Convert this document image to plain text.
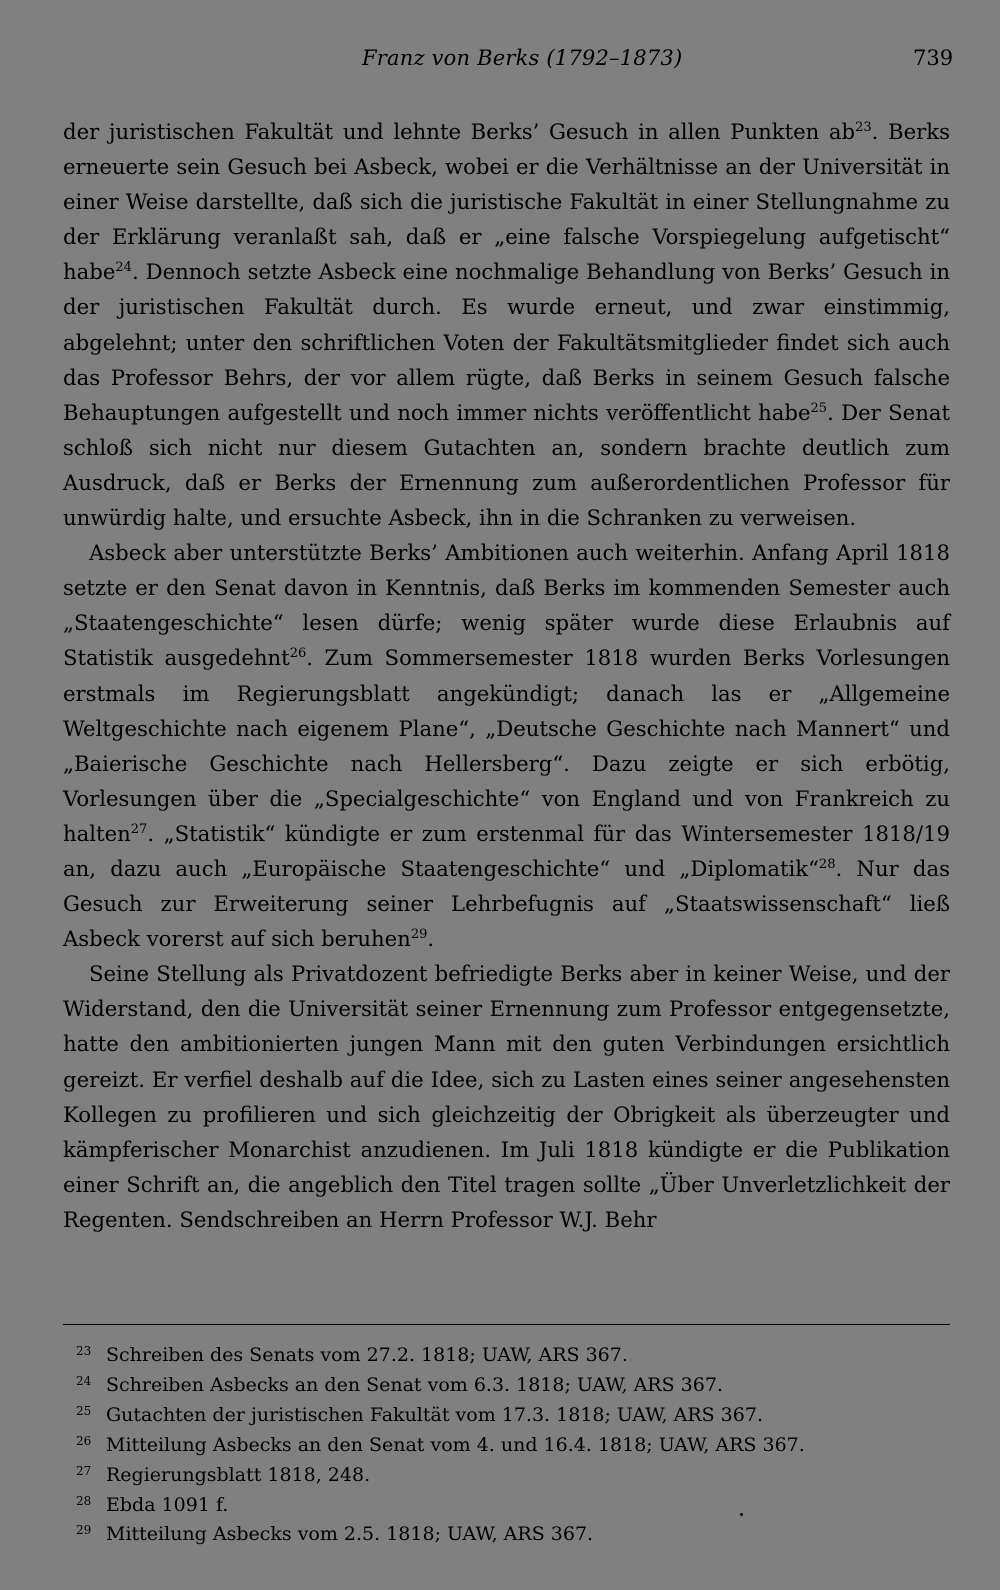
Franz von Berks (1792–1873)	739

der juristischen Fakultät und lehnte Berks’ Gesuch in allen Punkten $ab^{23}$. Berks erneuerte sein Gesuch bei Asbeck, wobei er die Verhältnisse an der Universität in einer Weise darstellte, daß sich die juristische Fakultät in einer Stellungnahme zu der Erklärung veranlaßt sah, daß er „eine falsche Vorspiegelung aufgetischt“ habe$^{24}$. Dennoch setzte Asbeck eine nochmalige Behandlung von Berks’ Gesuch in der juristischen Fakultät durch. Es wurde erneut, und zwar einstimmig, abgelehnt; unter den schriftlichen Voten der Fakultätsmitglieder findet sich auch das Professor Behrs, der vor allem rügte, daß Berks in seinem Gesuch falsche Behauptungen aufgestellt und noch immer nichts veröffentlicht habe$^{25}$. Der Senat schloß sich nicht nur diesem Gutachten an, sondern brachte deutlich zum Ausdruck, daß er Berks der Ernennung zum außerordentlichen Professor für unwürdig halte, und ersuchte Asbeck, ihn in die Schranken zu verweisen.

Asbeck aber unterstützte Berks’ Ambitionen auch weiterhin. Anfang April 1818 setzte er den Senat davon in Kenntnis, daß Berks im kommenden Semester auch „Staatengeschichte“ lesen dürfe; wenig später wurde diese Erlaubnis auf Statistik ausgedehnt$^{26}$. Zum Sommersemester 1818 wurden Berks Vorlesungen erstmals im Regierungsblatt angekündigt; danach las er „Allgemeine Weltgeschichte nach eigenem Plane“, „Deutsche Geschichte nach Mannert“ und „Baierische Geschichte nach Hellersberg“. Dazu zeigte er sich erbötig, Vorlesungen über die „Specialgeschichte“ von England und von Frankreich zu halten$^{27}$. „Statistik“ kündigte er zum erstenmal für das Wintersemester 1818/19 an, dazu auch „Europäische Staatengeschichte“ und „Diplomatik“$^{28}$. Nur das Gesuch zur Erweiterung seiner Lehrbefugnis auf „Staatswissenschaft“ ließ Asbeck vorerst auf sich beruhen$^{29}$.

Seine Stellung als Privatdozent befriedigte Berks aber in keiner Weise, und der Widerstand, den die Universität seiner Ernennung zum Professor entgegensetzte, hatte den ambitionierten jungen Mann mit den guten Verbindungen ersichtlich gereizt. Er verfiel deshalb auf die Idee, sich zu Lasten eines seiner angesehensten Kollegen zu profilieren und sich gleichzeitig der Obrigkeit als überzeugter und kämpferischer Monarchist anzudienen. Im Juli 1818 kündigte er die Publikation einer Schrift an, die angeblich den Titel tragen sollte „Über Unverletzlichkeit der Regenten. Sendschreiben an Herrn Professor W.J. Behr

23 Schreiben des Senats vom 27.2. 1818; UAW, ARS 367.
24 Schreiben Asbecks an den Senat vom 6.3. 1818; UAW, ARS 367.
25 Gutachten der juristischen Fakultät vom 17.3. 1818; UAW, ARS 367.
26 Mitteilung Asbecks an den Senat vom 4. und 16.4. 1818; UAW, ARS 367.
27 Regierungsblatt 1818, 248.
28 Ebda 1091 f.
29 Mitteilung Asbecks vom 2.5. 1818; UAW, ARS 367.
